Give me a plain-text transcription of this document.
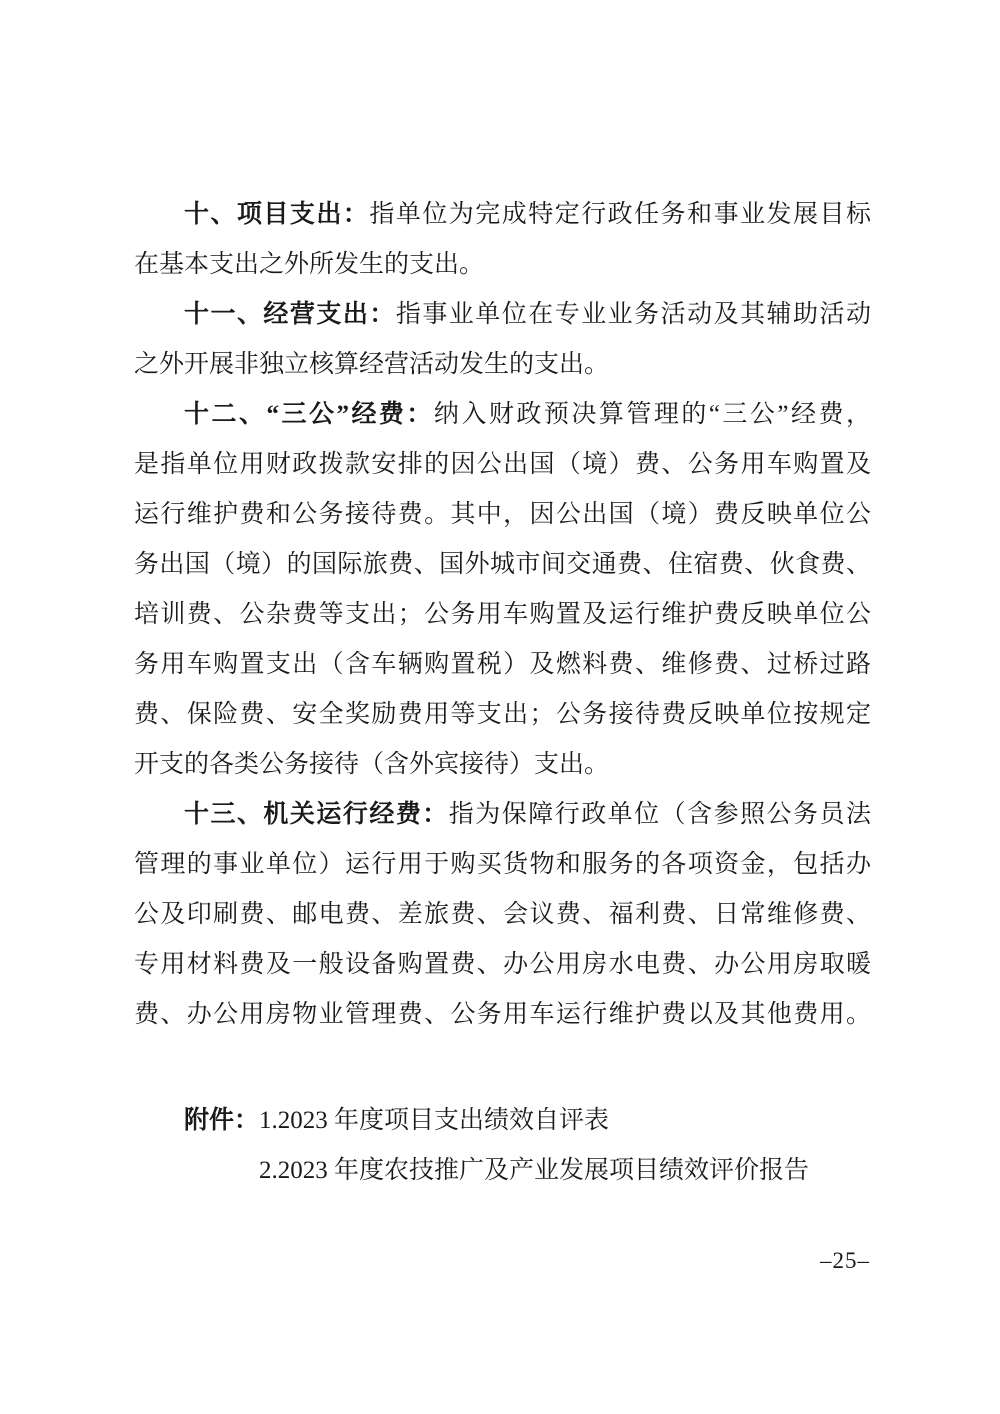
十、项目支出：指单位为完成特定行政任务和事业发展目标
在基本支出之外所发生的支出。
十一、经营支出：指事业单位在专业业务活动及其辅助活动
之外开展非独立核算经营活动发生的支出。
十二、“三公”经费：纳入财政预决算管理的“三公”经费，
是指单位用财政拨款安排的因公出国（境）费、公务用车购置及
运行维护费和公务接待费。其中，因公出国（境）费反映单位公
务出国（境）的国际旅费、国外城市间交通费、住宿费、伙食费、
培训费、公杂费等支出；公务用车购置及运行维护费反映单位公
务用车购置支出（含车辆购置税）及燃料费、维修费、过桥过路
费、保险费、安全奖励费用等支出；公务接待费反映单位按规定
开支的各类公务接待（含外宾接待）支出。
十三、机关运行经费：指为保障行政单位（含参照公务员法
管理的事业单位）运行用于购买货物和服务的各项资金，包括办
公及印刷费、邮电费、差旅费、会议费、福利费、日常维修费、
专用材料费及一般设备购置费、办公用房水电费、办公用房取暖
费、办公用房物业管理费、公务用车运行维护费以及其他费用。
附件：1.2023 年度项目支出绩效自评表
2.2023 年度农技推广及产业发展项目绩效评价报告
–25–
